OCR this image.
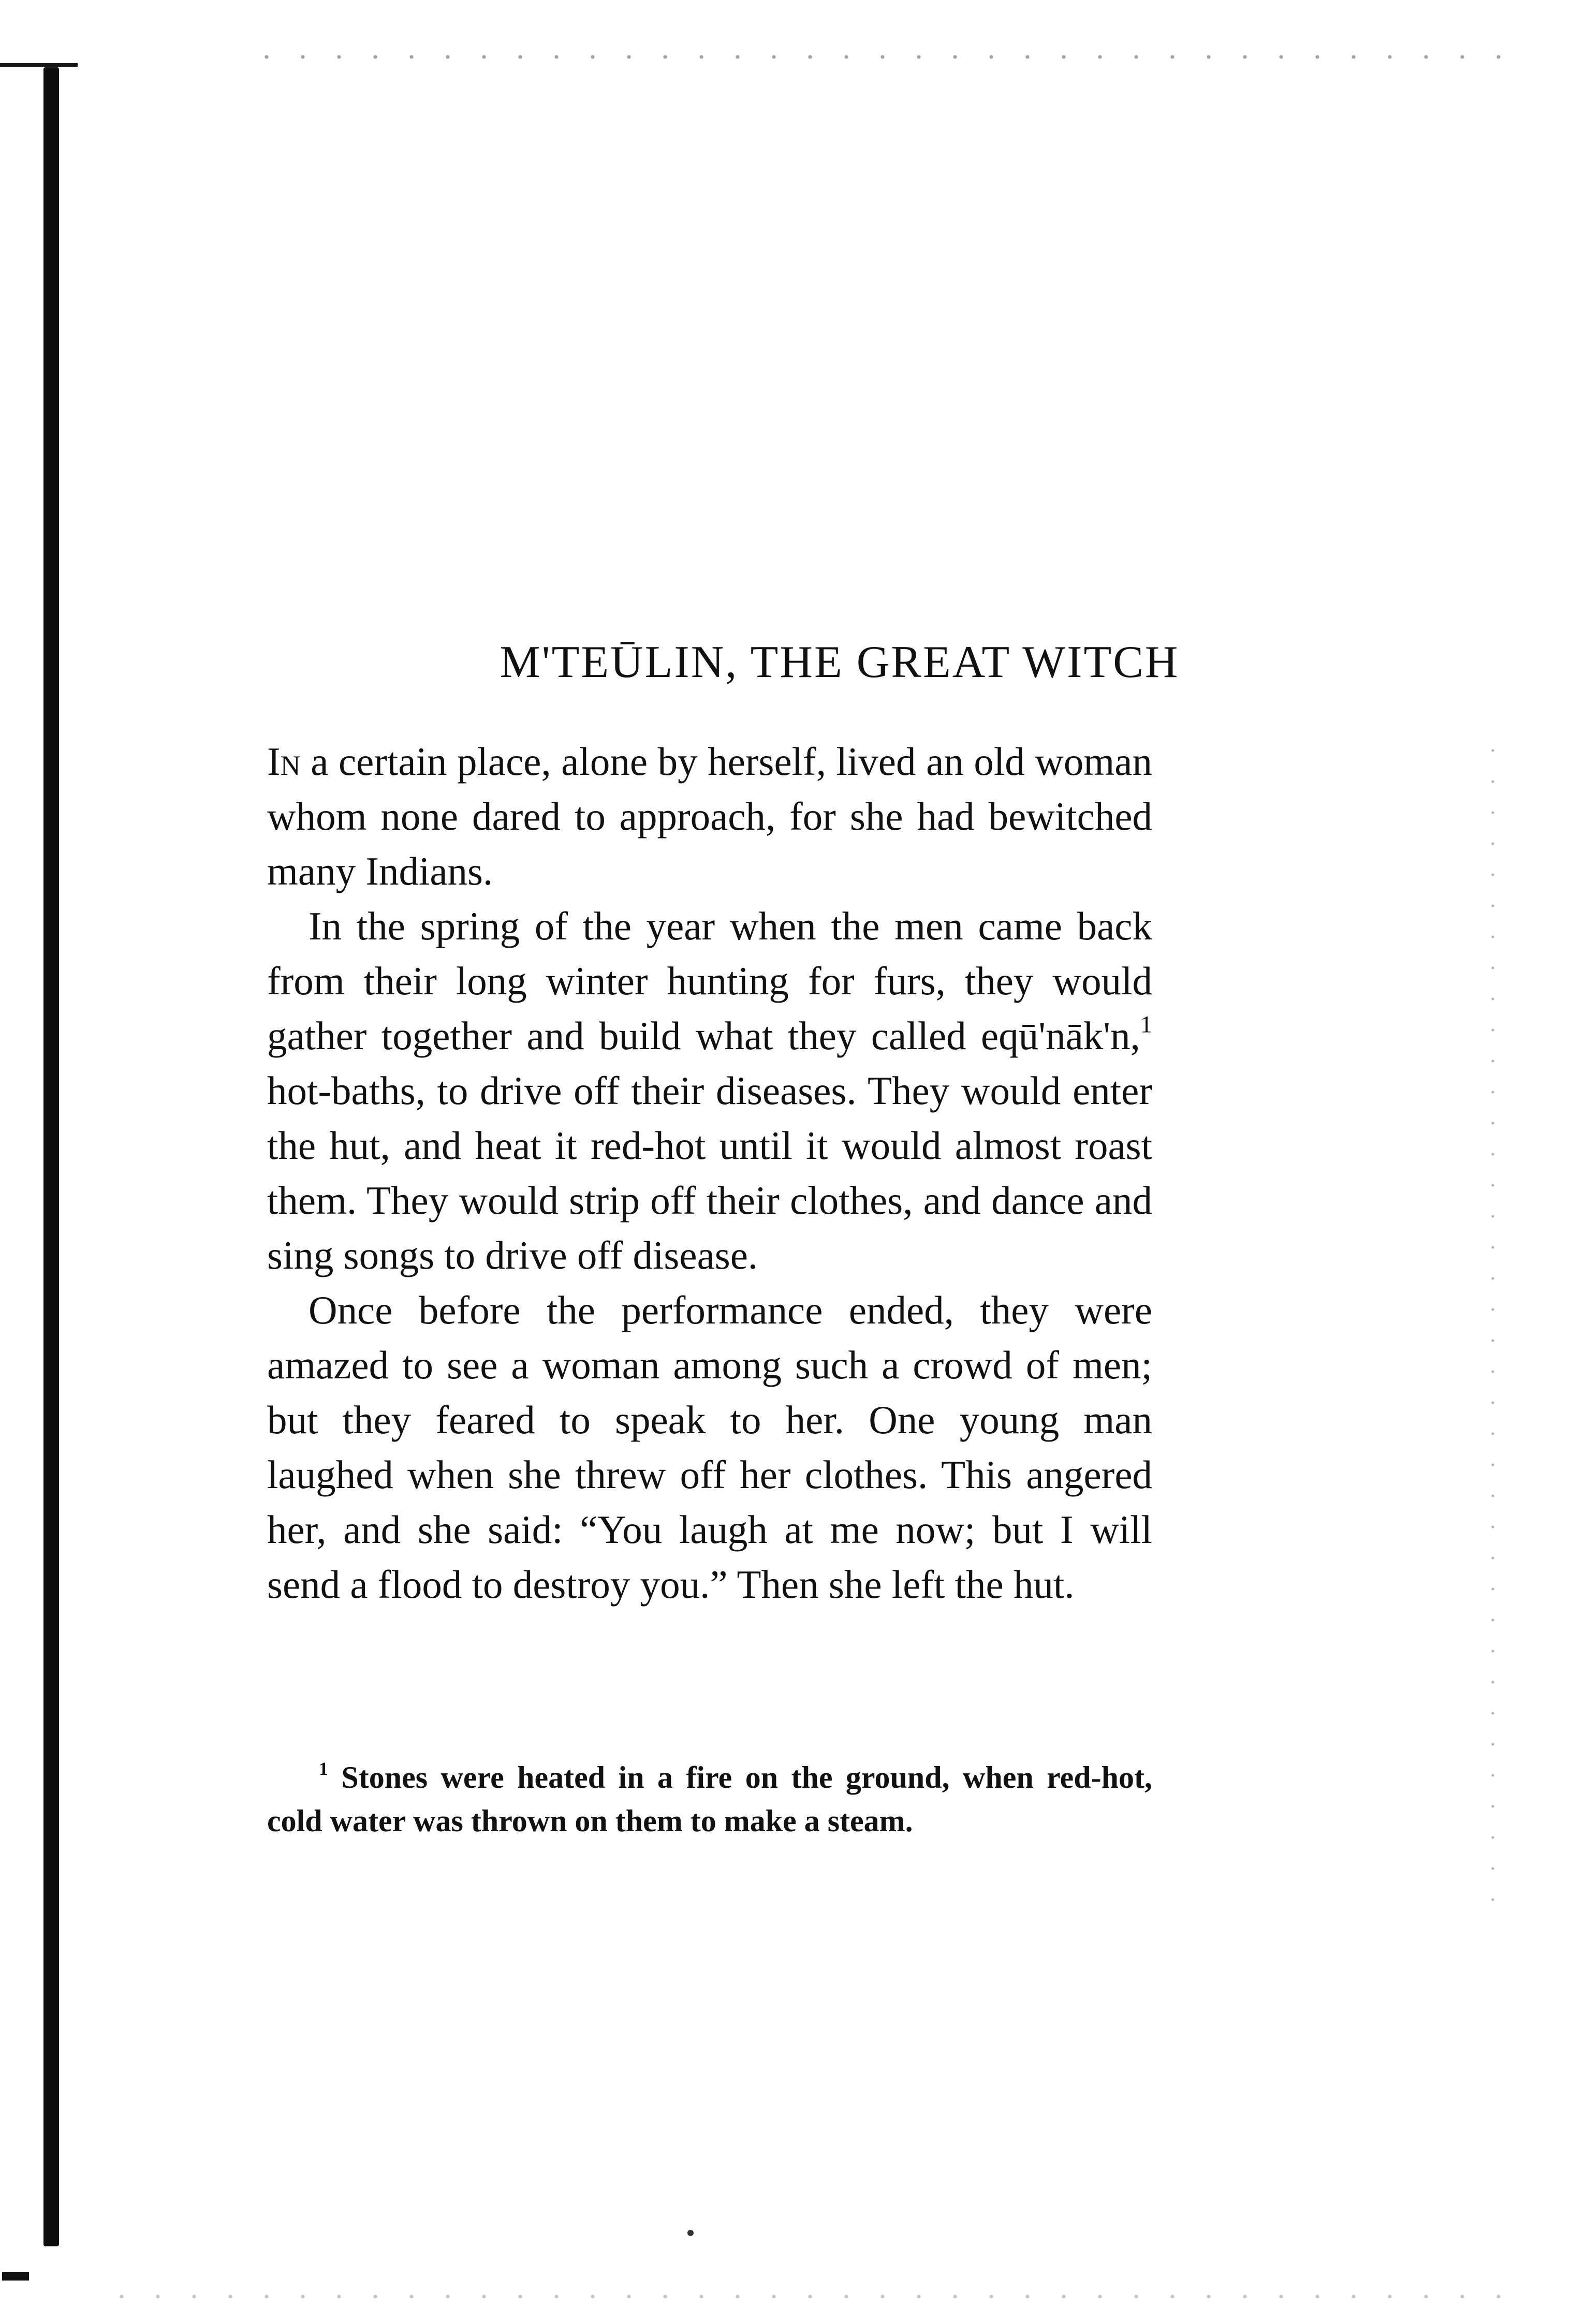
M'TEŪLIN, THE GREAT WITCH

In a certain place, alone by herself, lived an old woman whom none dared to approach, for she had bewitched many Indians.

In the spring of the year when the men came back from their long winter hunting for furs, they would gather together and build what they called eqū'nāk'n,$^1$ hot-baths, to drive off their diseases. They would enter the hut, and heat it red-hot until it would almost roast them. They would strip off their clothes, and dance and sing songs to drive off disease.

Once before the performance ended, they were amazed to see a woman among such a crowd of men; but they feared to speak to her. One young man laughed when she threw off her clothes. This angered her, and she said: “You laugh at me now; but I will send a flood to destroy you.” Then she left the hut.

$^1$ Stones were heated in a fire on the ground, when red-hot, cold water was thrown on them to make a steam.
